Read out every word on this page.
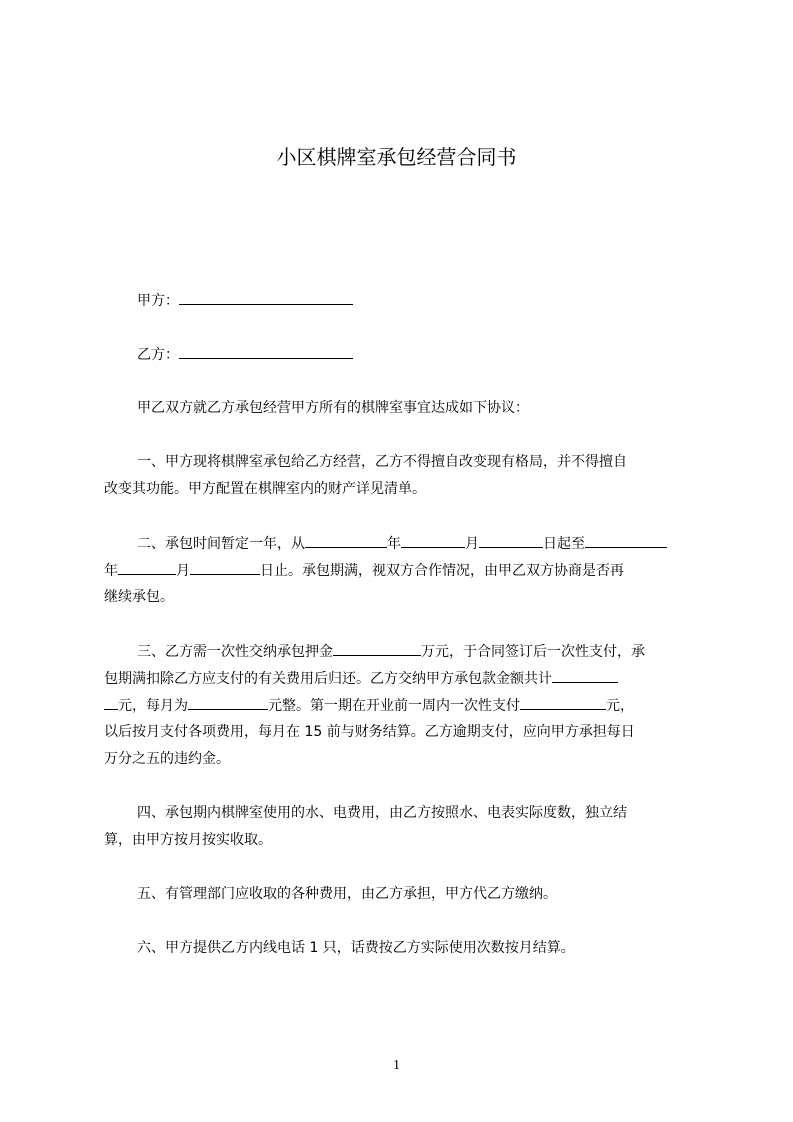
小区棋牌室承包经营合同书
甲方：
乙方：
甲乙双方就乙方承包经营甲方所有的棋牌室事宜达成如下协议：
一、甲方现将棋牌室承包给乙方经营，乙方不得擅自改变现有格局，并不得擅自
改变其功能。甲方配置在棋牌室内的财产详见清单。
二、承包时间暂定一年，从	年	月	日起至
年	月	日止。承包期满，视双方合作情况，由甲乙双方协商是否再
继续承包。
三、乙方需一次性交纳承包押金	万元，于合同签订后一次性支付，承
包期满扣除乙方应支付的有关费用后归还。乙方交纳甲方承包款金额共计
元，每月为	元整。第一期在开业前一周内一次性支付	元，
以后按月支付各项费用，每月在 15 前与财务结算。乙方逾期支付，应向甲方承担每日
万分之五的违约金。
四、承包期内棋牌室使用的水、电费用，由乙方按照水、电表实际度数，独立结
算，由甲方按月按实收取。
五、有管理部门应收取的各种费用，由乙方承担，甲方代乙方缴纳。
六、甲方提供乙方内线电话 1 只，话费按乙方实际使用次数按月结算。
1
